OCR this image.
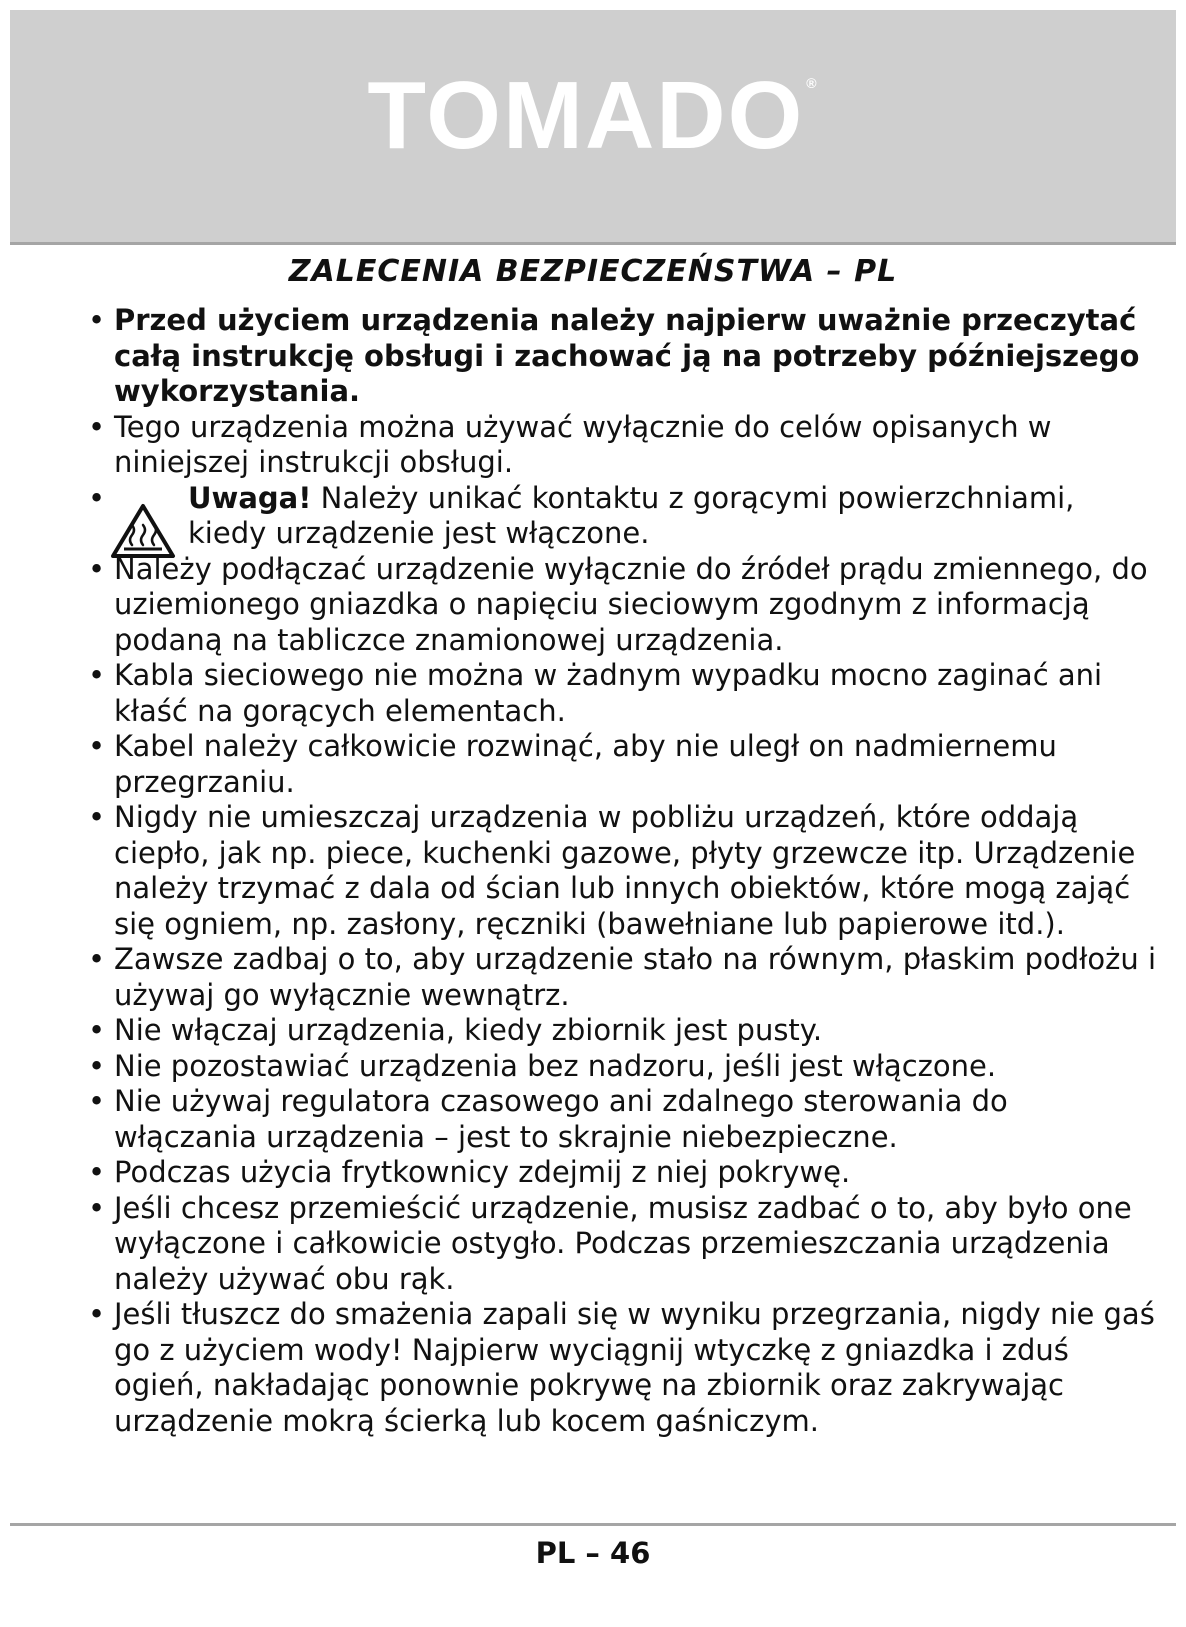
TOMADO ®
ZALECENIA BEZPIECZEŃSTWA – PL
• Przed użyciem urządzenia należy najpierw uważnie przeczytać całą instrukcję obsługi i zachować ją na potrzeby późniejszego wykorzystania.
• Tego urządzenia można używać wyłącznie do celów opisanych w niniejszej instrukcji obsługi.
•	Uwaga! Należy unikać kontaktu z gorącymi powierzchniami, kiedy urządzenie jest włączone.
• Należy podłączać urządzenie wyłącznie do źródeł prądu zmiennego, do uziemionego gniazdka o napięciu sieciowym zgodnym z informacją podaną na tabliczce znamionowej urządzenia.
• Kabla sieciowego nie można w żadnym wypadku mocno zaginać ani kłaść na gorących elementach.
• Kabel należy całkowicie rozwinąć, aby nie uległ on nadmiernemu przegrzaniu.
• Nigdy nie umieszczaj urządzenia w pobliżu urządzeń, które oddają ciepło, jak np. piece, kuchenki gazowe, płyty grzewcze itp. Urządzenie należy trzymać z dala od ścian lub innych obiektów, które mogą zająć się ogniem, np. zasłony, ręczniki (bawełniane lub papierowe itd.).
• Zawsze zadbaj o to, aby urządzenie stało na równym, płaskim podłożu i używaj go wyłącznie wewnątrz.
• Nie włączaj urządzenia, kiedy zbiornik jest pusty.
• Nie pozostawiać urządzenia bez nadzoru, jeśli jest włączone.
• Nie używaj regulatora czasowego ani zdalnego sterowania do włączania urządzenia – jest to skrajnie niebezpieczne.
• Podczas użycia frytkownicy zdejmij z niej pokrywę.
• Jeśli chcesz przemieścić urządzenie, musisz zadbać o to, aby było one wyłączone i całkowicie ostygło. Podczas przemieszczania urządzenia należy używać obu rąk.
• Jeśli tłuszcz do smażenia zapali się w wyniku przegrzania, nigdy nie gaś go z użyciem wody! Najpierw wyciągnij wtyczkę z gniazdka i zduś ogień, nakładając ponownie pokrywę na zbiornik oraz zakrywając urządzenie mokrą ścierką lub kocem gaśniczym.
PL – 46
